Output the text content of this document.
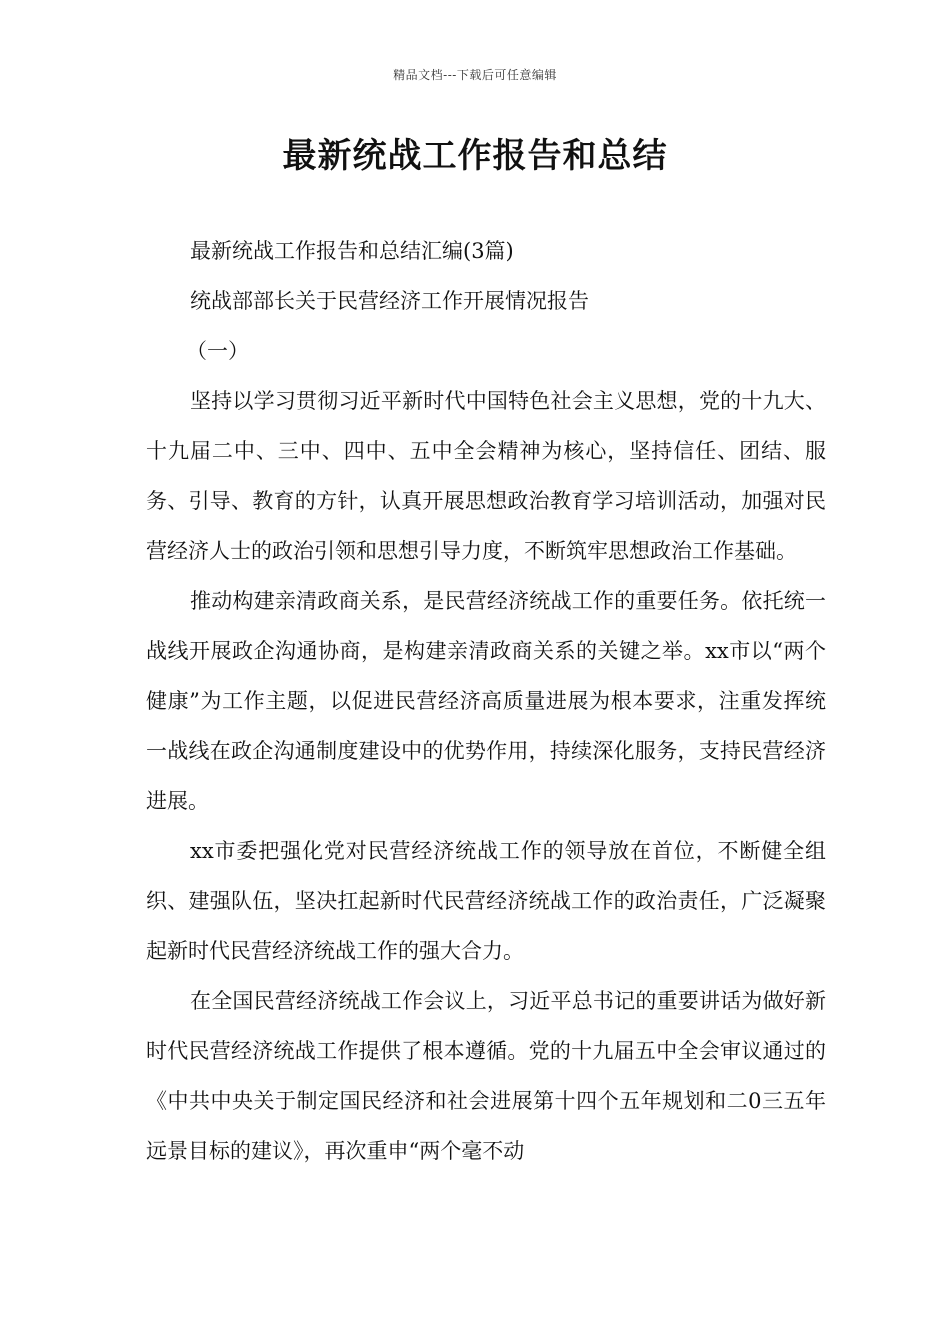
精品文档---下载后可任意编辑
最新统战工作报告和总结

最新统战工作报告和总结汇编(3篇)

统战部部长关于民营经济工作开展情况报告

（一）

坚持以学习贯彻习近平新时代中国特色社会主义思想，党的十九大、十九届二中、三中、四中、五中全会精神为核心，坚持信任、团结、服务、引导、教育的方针，认真开展思想政治教育学习培训活动，加强对民营经济人士的政治引领和思想引导力度，不断筑牢思想政治工作基础。

推动构建亲清政商关系，是民营经济统战工作的重要任务。依托统一战线开展政企沟通协商，是构建亲清政商关系的关键之举。xx市以“两个健康”为工作主题，以促进民营经济高质量进展为根本要求，注重发挥统一战线在政企沟通制度建设中的优势作用，持续深化服务，支持民营经济进展。

xx市委把强化党对民营经济统战工作的领导放在首位，不断健全组织、建强队伍，坚决扛起新时代民营经济统战工作的政治责任，广泛凝聚起新时代民营经济统战工作的强大合力。

在全国民营经济统战工作会议上，习近平总书记的重要讲话为做好新时代民营经济统战工作提供了根本遵循。党的十九届五中全会审议通过的《中共中央关于制定国民经济和社会进展第十四个五年规划和二0三五年远景目标的建议》，再次重申“两个毫不动
